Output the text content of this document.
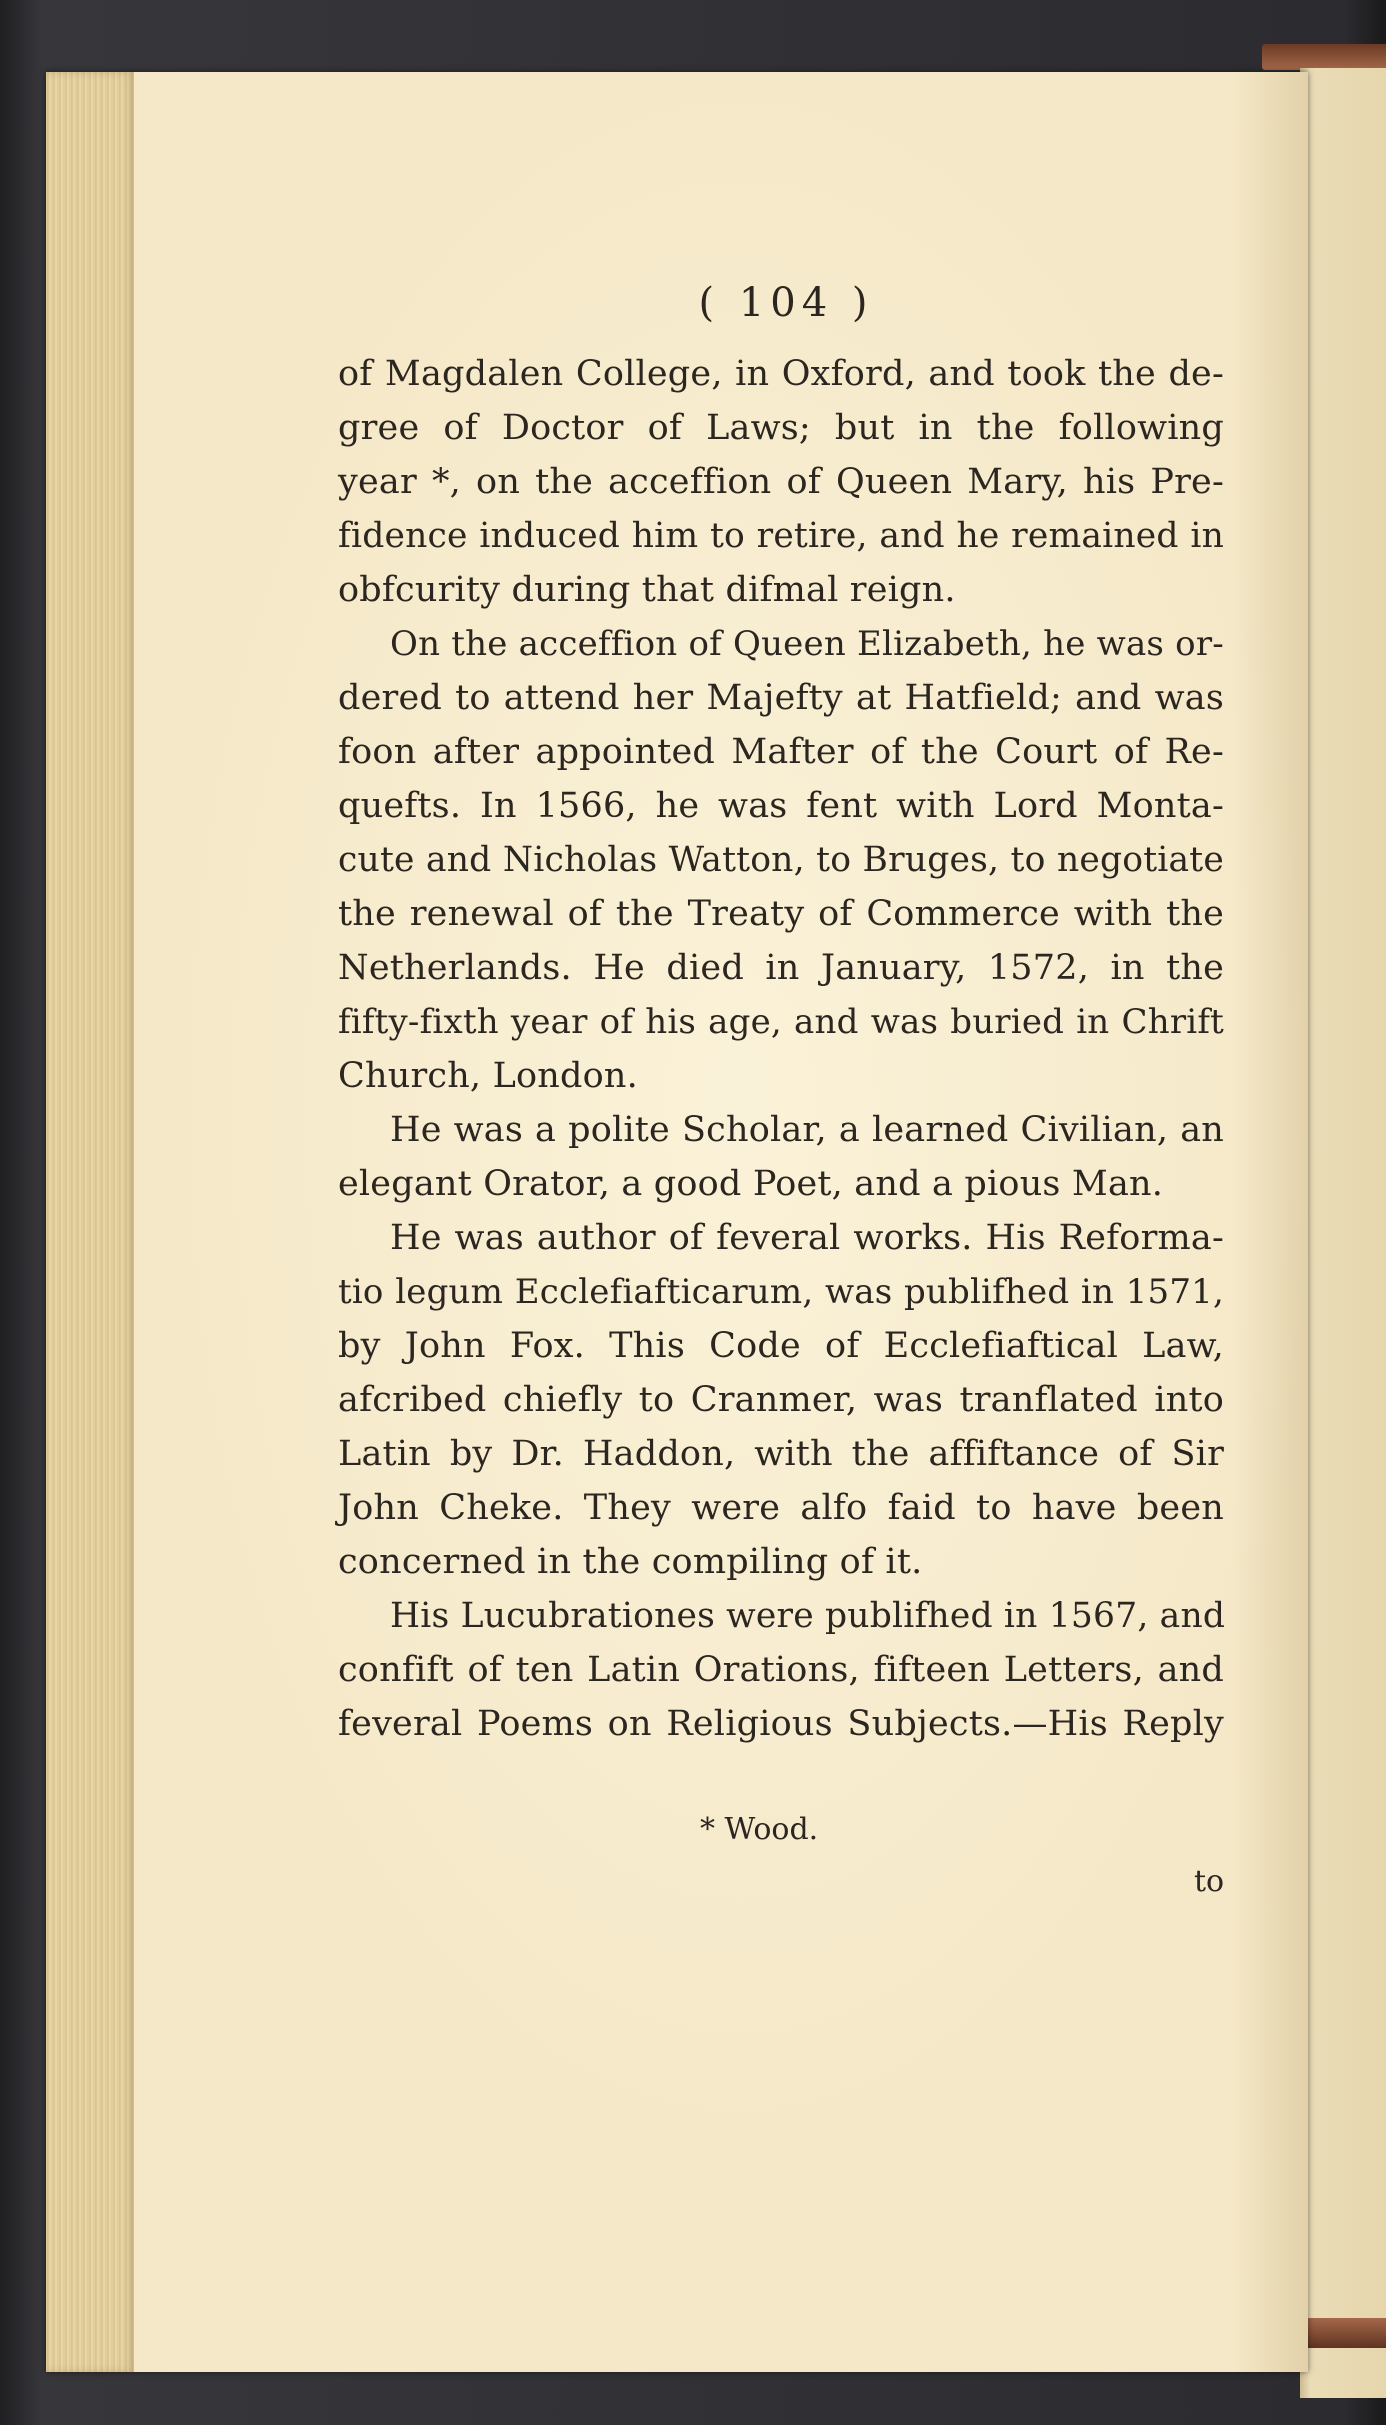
( 104 )
of Magdalen College, in Oxford, and took the de-
gree of Doctor of Laws; but in the following
year *, on the acceffion of Queen Mary, his Pre-
fidence induced him to retire, and he remained in
obfcurity during that difmal reign.
On the acceffion of Queen Elizabeth, he was or-
dered to attend her Majefty at Hatfield; and was
foon after appointed Mafter of the Court of Re-
quefts. In 1566, he was fent with Lord Monta-
cute and Nicholas Watton, to Bruges, to negotiate
the renewal of the Treaty of Commerce with the
Netherlands. He died in January, 1572, in the
fifty-fixth year of his age, and was buried in Chrift
Church, London.
He was a polite Scholar, a learned Civilian, an
elegant Orator, a good Poet, and a pious Man.
He was author of feveral works. His Reforma-
tio legum Ecclefiafticarum, was publifhed in 1571,
by John Fox. This Code of Ecclefiaftical Law,
afcribed chiefly to Cranmer, was tranflated into
Latin by Dr. Haddon, with the affiftance of Sir
John Cheke. They were alfo faid to have been
concerned in the compiling of it.
His Lucubrationes were publifhed in 1567, and
confift of ten Latin Orations, fifteen Letters, and
feveral Poems on Religious Subjects.—His Reply
* Wood.
to
